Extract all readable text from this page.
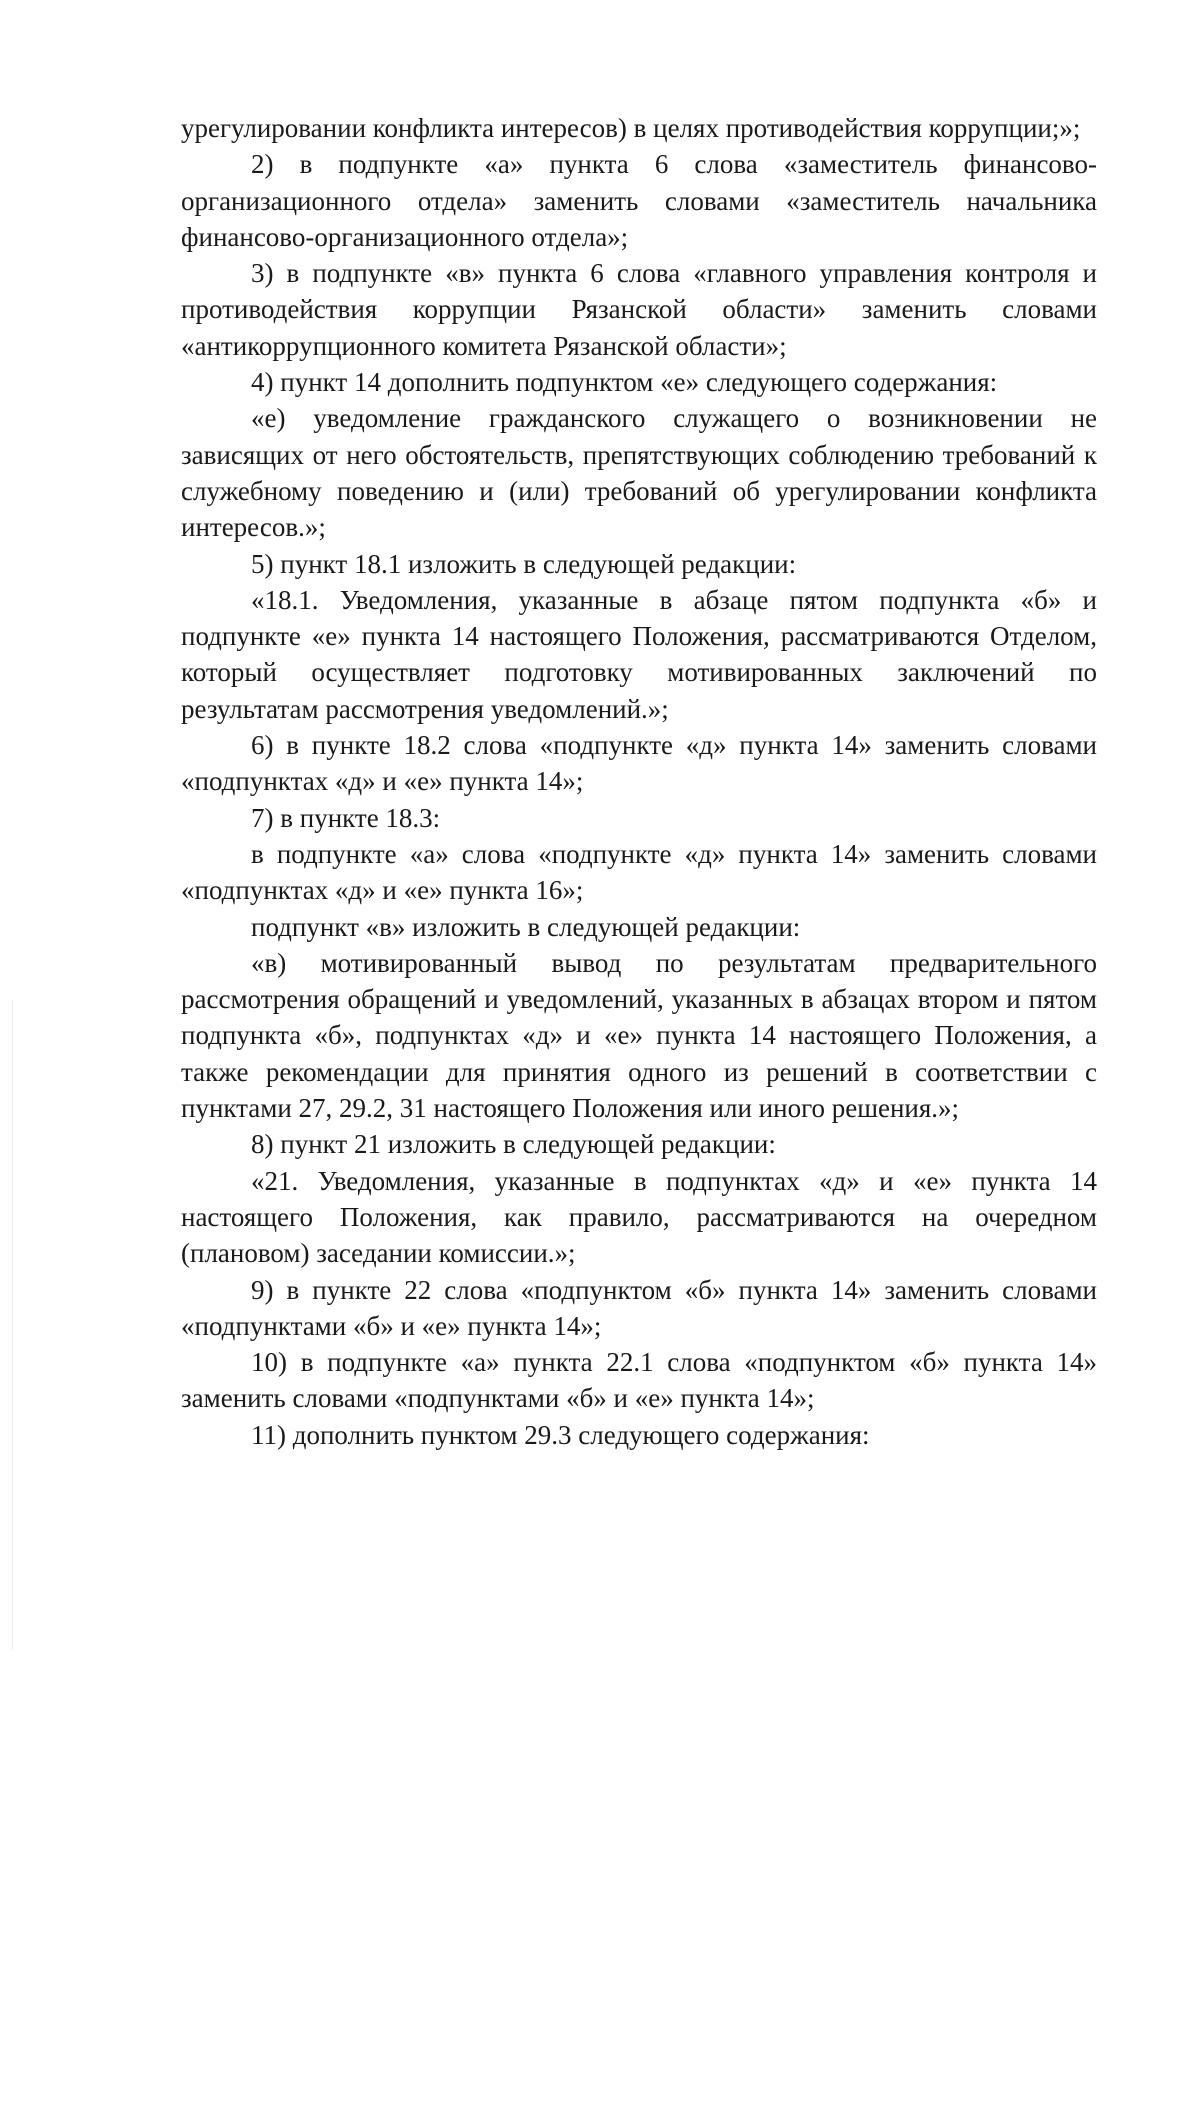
урегулировании конфликта интересов) в целях противодействия коррупции;»;

2) в подпункте «а» пункта 6 слова «заместитель финансово-организационного отдела» заменить словами «заместитель начальника финансово-организационного отдела»;

3) в подпункте «в» пункта 6 слова «главного управления контроля и противодействия коррупции Рязанской области» заменить словами «антикоррупционного комитета Рязанской области»;

4) пункт 14 дополнить подпунктом «е» следующего содержания:

«е) уведомление гражданского служащего о возникновении не зависящих от него обстоятельств, препятствующих соблюдению требований к служебному поведению и (или) требований об урегулировании конфликта интересов.»;

5) пункт 18.1 изложить в следующей редакции:

«18.1. Уведомления, указанные в абзаце пятом подпункта «б» и подпункте «е» пункта 14 настоящего Положения, рассматриваются Отделом, который осуществляет подготовку мотивированных заключений по результатам рассмотрения уведомлений.»;

6) в пункте 18.2 слова «подпункте «д» пункта 14» заменить словами «подпунктах «д» и «е» пункта 14»;

7) в пункте 18.3:

в подпункте «а» слова «подпункте «д» пункта 14» заменить словами «подпунктах «д» и «е» пункта 16»;

подпункт «в» изложить в следующей редакции:

«в) мотивированный вывод по результатам предварительного рассмотрения обращений и уведомлений, указанных в абзацах втором и пятом подпункта «б», подпунктах «д» и «е» пункта 14 настоящего Положения, а также рекомендации для принятия одного из решений в соответствии с пунктами 27, 29.2, 31 настоящего Положения или иного решения.»;

8) пункт 21 изложить в следующей редакции:

«21. Уведомления, указанные в подпунктах «д» и «е» пункта 14 настоящего Положения, как правило, рассматриваются на очередном (плановом) заседании комиссии.»;

9) в пункте 22 слова «подпунктом «б» пункта 14» заменить словами «подпунктами «б» и «е» пункта 14»;

10) в подпункте «а» пункта 22.1 слова «подпунктом «б» пункта 14» заменить словами «подпунктами «б» и «е» пункта 14»;

11) дополнить пунктом 29.3 следующего содержания:
